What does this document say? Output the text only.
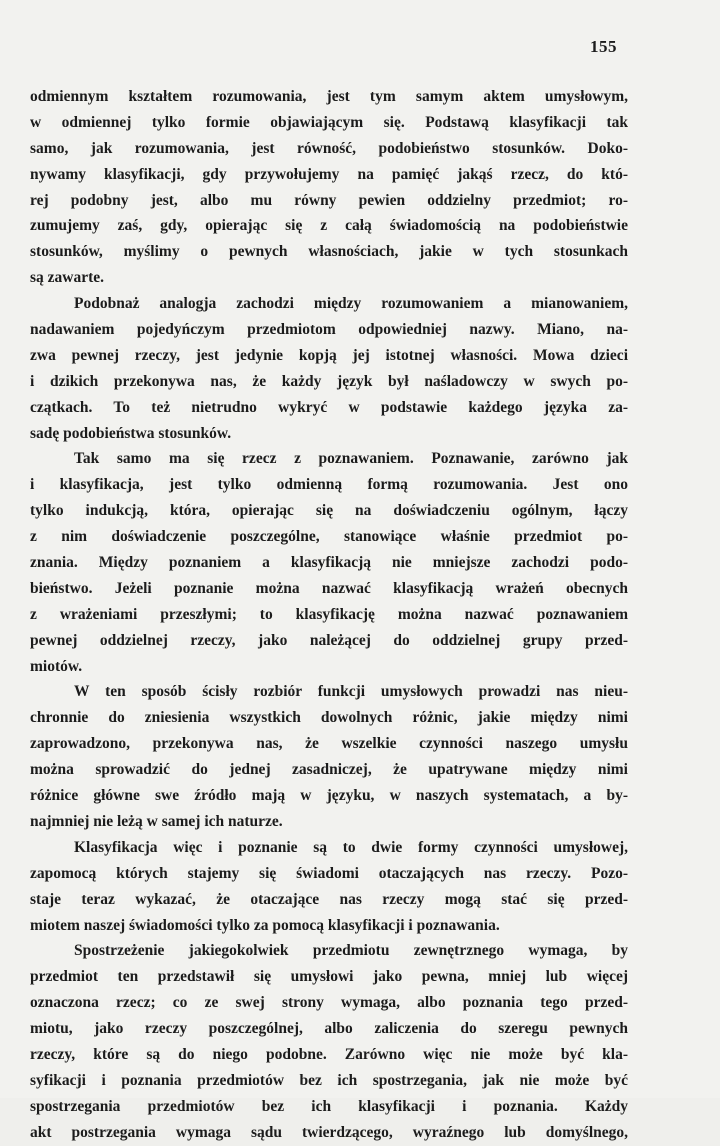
155
odmiennym kształtem rozumowania, jest tym samym aktem umysłowym,
w odmiennej tylko formie objawiającym się. Podstawą klasyfikacji tak
samo, jak rozumowania, jest równość, podobieństwo stosunków. Doko-
nywamy klasyfikacji, gdy przywołujemy na pamięć jakąś rzecz, do któ-
rej podobny jest, albo mu równy pewien oddzielny przedmiot; ro-
zumujemy zaś, gdy, opierając się z całą świadomością na podobieństwie
stosunków, myślimy o pewnych własnościach, jakie w tych stosunkach
są zawarte.
Podobnaż analogja zachodzi między rozumowaniem a mianowaniem,
nadawaniem pojedyńczym przedmiotom odpowiedniej nazwy. Miano, na-
zwa pewnej rzeczy, jest jedynie kopją jej istotnej własności. Mowa dzieci
i dzikich przekonywa nas, że każdy język był naśladowczy w swych po-
czątkach. To też nietrudno wykryć w podstawie każdego języka za-
sadę podobieństwa stosunków.
Tak samo ma się rzecz z poznawaniem. Poznawanie, zarówno jak
i klasyfikacja, jest tylko odmienną formą rozumowania. Jest ono
tylko indukcją, która, opierając się na doświadczeniu ogólnym, łączy
z nim doświadczenie poszczególne, stanowiące właśnie przedmiot po-
znania. Między poznaniem a klasyfikacją nie mniejsze zachodzi podo-
bieństwo. Jeżeli poznanie można nazwać klasyfikacją wrażeń obecnych
z wrażeniami przeszłymi; to klasyfikację można nazwać poznawaniem
pewnej oddzielnej rzeczy, jako należącej do oddzielnej grupy przed-
miotów.
W ten sposób ścisły rozbiór funkcji umysłowych prowadzi nas nieu-
chronnie do zniesienia wszystkich dowolnych różnic, jakie między nimi
zaprowadzono, przekonywa nas, że wszelkie czynności naszego umysłu
można sprowadzić do jednej zasadniczej, że upatrywane między nimi
różnice główne swe źródło mają w języku, w naszych systematach, a by-
najmniej nie leżą w samej ich naturze.
Klasyfikacja więc i poznanie są to dwie formy czynności umysłowej,
zapomocą których stajemy się świadomi otaczających nas rzeczy. Pozo-
staje teraz wykazać, że otaczające nas rzeczy mogą stać się przed-
miotem naszej świadomości tylko za pomocą klasyfikacji i poznawania.
Spostrzeżenie jakiegokolwiek przedmiotu zewnętrznego wymaga, by
przedmiot ten przedstawił się umysłowi jako pewna, mniej lub więcej
oznaczona rzecz; co ze swej strony wymaga, albo poznania tego przed-
miotu, jako rzeczy poszczególnej, albo zaliczenia do szeregu pewnych
rzeczy, które są do niego podobne. Zarówno więc nie może być kla-
syfikacji i poznania przedmiotów bez ich spostrzegania, jak nie może być
spostrzegania przedmiotów bez ich klasyfikacji i poznania. Każdy
akt postrzegania wymaga sądu twierdzącego, wyraźnego lub domyślnego,
